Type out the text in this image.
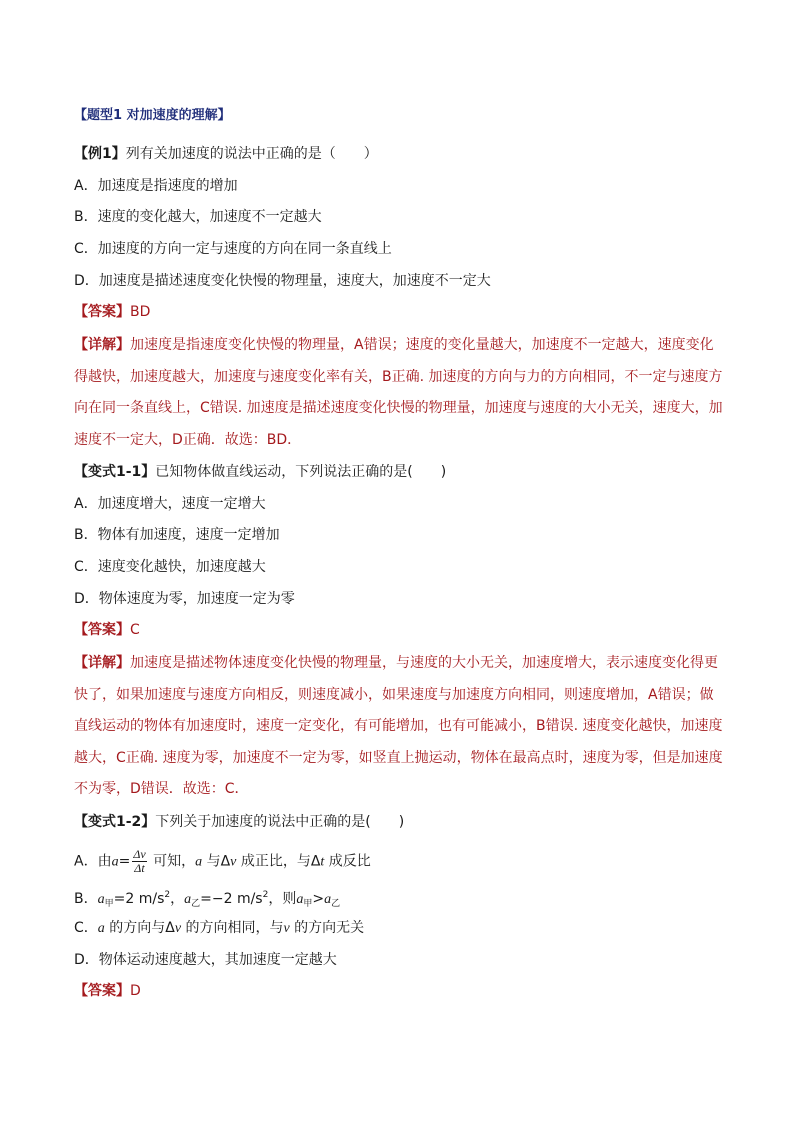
【题型1 对加速度的理解】
【例1】列有关加速度的说法中正确的是（　　）
A．加速度是指速度的增加
B．速度的变化越大，加速度不一定越大
C．加速度的方向一定与速度的方向在同一条直线上
D．加速度是描述速度变化快慢的物理量，速度大，加速度不一定大
【答案】BD
【详解】加速度是指速度变化快慢的物理量，A错误；速度的变化量越大，加速度不一定越大，速度变化得越快，加速度越大，加速度与速度变化率有关，B正确. 加速度的方向与力的方向相同，不一定与速度方向在同一条直线上，C错误. 加速度是描述速度变化快慢的物理量，加速度与速度的大小无关，速度大，加速度不一定大，D正确．故选：BD．
【变式1-1】已知物体做直线运动，下列说法正确的是(　　)
A．加速度增大，速度一定增大
B．物体有加速度，速度一定增加
C．速度变化越快，加速度越大
D．物体速度为零，加速度一定为零
【答案】C
【详解】加速度是描述物体速度变化快慢的物理量，与速度的大小无关，加速度增大，表示速度变化得更快了，如果加速度与速度方向相反，则速度减小，如果速度与加速度方向相同，则速度增加，A错误；做直线运动的物体有加速度时，速度一定变化，有可能增加，也有可能减小，B错误. 速度变化越快，加速度越大，C正确. 速度为零，加速度不一定为零，如竖直上抛运动，物体在最高点时，速度为零，但是加速度不为零，D错误．故选：C．
【变式1-2】下列关于加速度的说法中正确的是(　　)
A．由$a= \frac{\Delta v}{\Delta t}$ 可知，a 与Δv 成正比，与Δt 成反比
B．$a_甲=2$ $m/s^2$，$a_乙=-2$ $m/s^2$，则$a_甲>a_乙$
C．a 的方向与Δv 的方向相同，与v 的方向无关
D．物体运动速度越大，其加速度一定越大
【答案】D
